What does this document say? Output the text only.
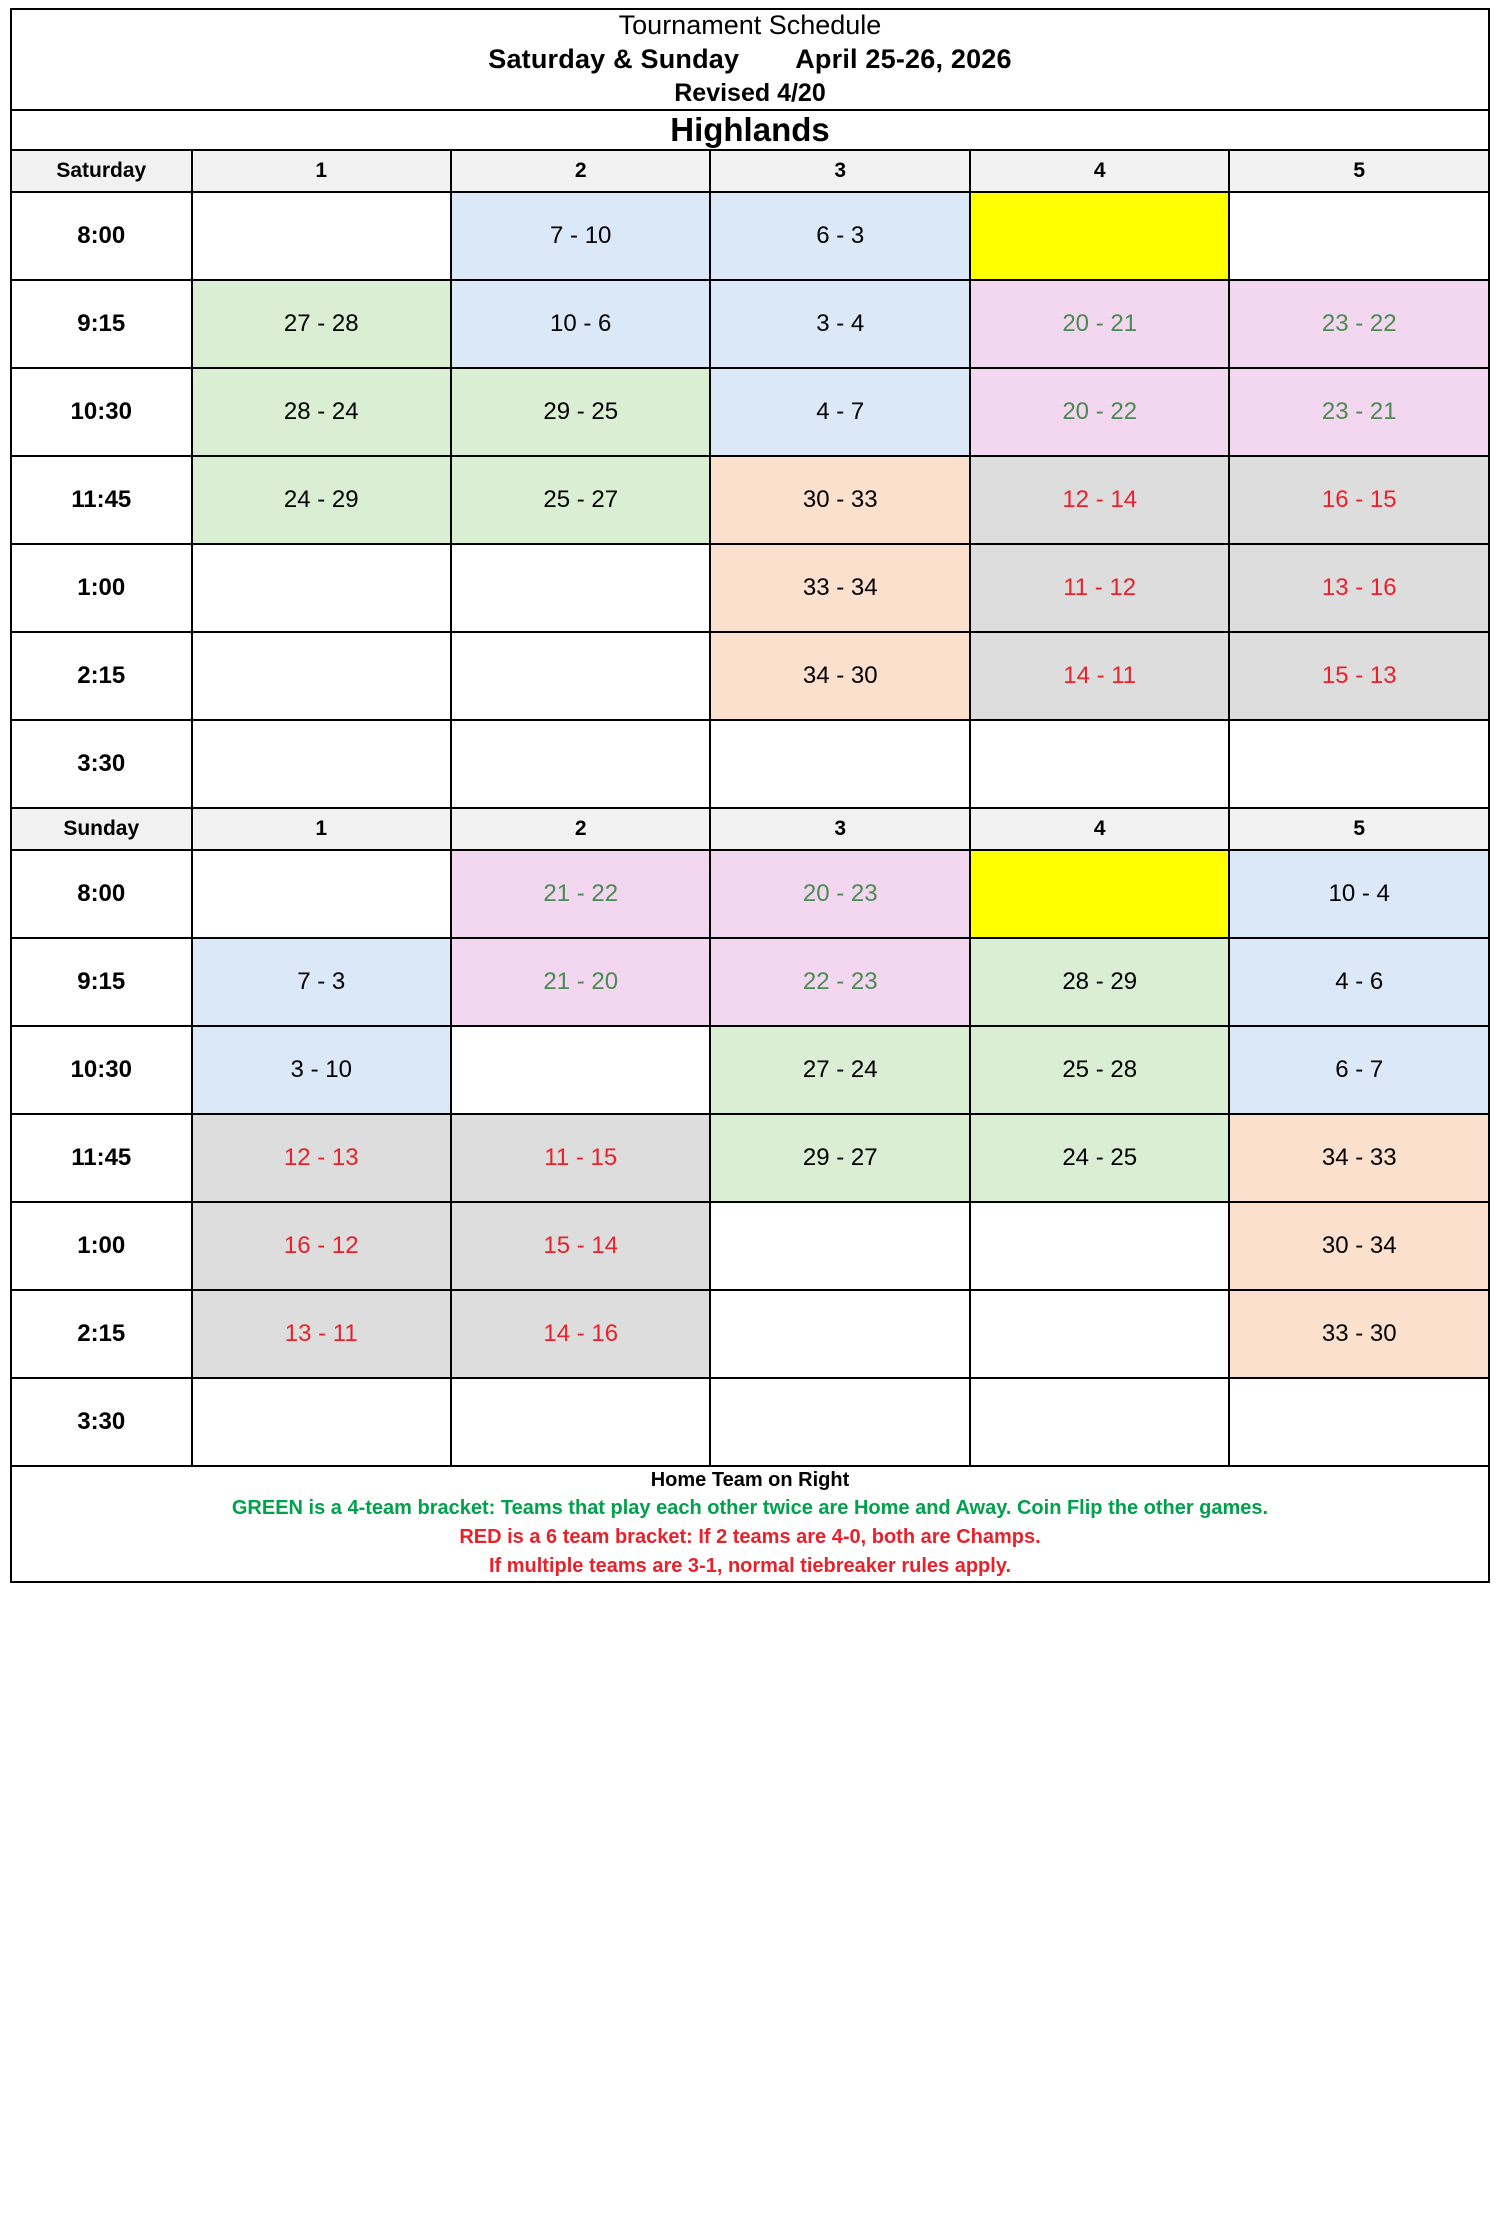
Tournament Schedule
Saturday & Sunday April 25-26, 2026
Revised 4/20					

Highlands					
Saturday	1	2	3	4	5
8:00		7 - 10	6 - 3		
9:15	27 - 28	10 - 6	3 - 4	20 - 21	23 - 22
10:30	28 - 24	29 - 25	4 - 7	20 - 22	23 - 21
11:45	24 - 29	25 - 27	30 - 33	12 - 14	16 - 15
1:00			33 - 34	11 - 12	13 - 16
2:15			34 - 30	14 - 11	15 - 13
3:30					
Sunday	1	2	3	4	5
8:00		21 - 22	20 - 23		10 - 4
9:15	7 - 3	21 - 20	22 - 23	28 - 29	4 - 6
10:30	3 - 10		27 - 24	25 - 28	6 - 7
11:45	12 - 13	11 - 15	29 - 27	24 - 25	34 - 33
1:00	16 - 12	15 - 14			30 - 34
2:15	13 - 11	14 - 16			33 - 30
3:30					

Home Team on Right
GREEN is a 4-team bracket: Teams that play each other twice are Home and Away. Coin Flip the other games.
RED is a 6 team bracket: If 2 teams are 4-0, both are Champs.
If multiple teams are 3-1, normal tiebreaker rules apply.					
